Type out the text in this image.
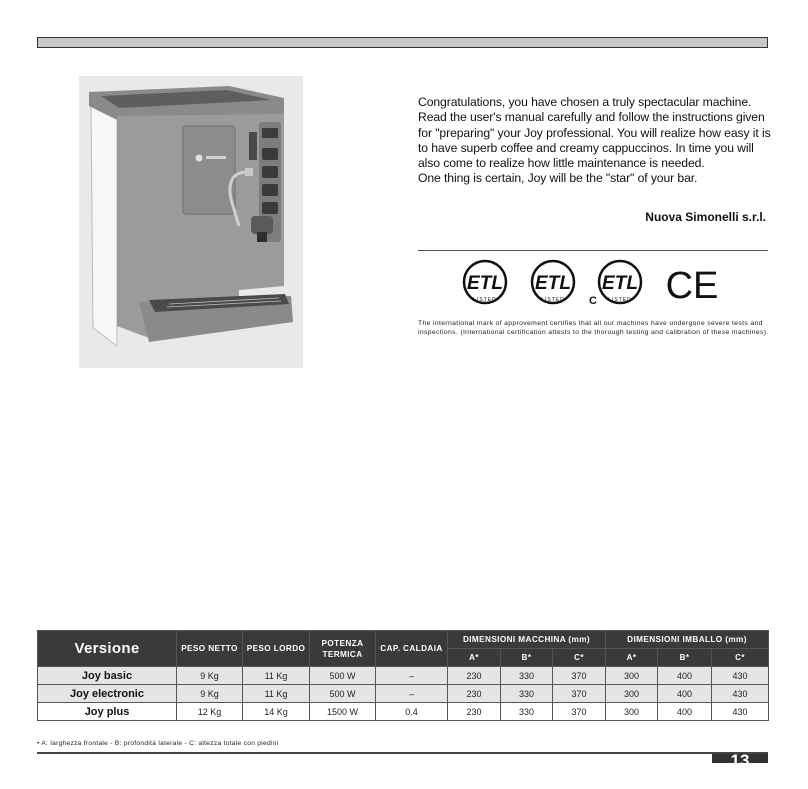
Congratulations, you have chosen a truly spectacular machine.

Read the user's manual carefully and follow the instructions given

for "preparing" your Joy professional. You will realize how easy it is

to have superb coffee and creamy cappuccinos. In time you will

also come to realize how little maintenance is needed.

One thing is certain, Joy will be the "star" of your bar.

Nuova Simonelli s.r.l.
ETL
LISTED
ETL
LISTED C
ETL
LISTED CE
The international mark of approvement certifies that all our machines have undergone severe tests and inspections. (International certification attests to the thorough testing and calibration of these machines).
Versione	PESO NETTO	PESO LORDO	POTENZA TERMICA	CAP. CALDAIA	DIMENSIONI MACCHINA (mm)			DIMENSIONI IMBALLO (mm)		
					A*	B*	C*	A*	B*	C*
Joy basic	9 Kg	11 Kg	500 W	–	230	330	370	300	400	430
Joy electronic	9 Kg	11 Kg	500 W	–	230	330	370	300	400	430
Joy plus	12 Kg	14 Kg	1500 W	0.4	230	330	370	300	400	430
• A: larghezza frontale - B: profondità laterale - C: altezza totale con piedini
13
